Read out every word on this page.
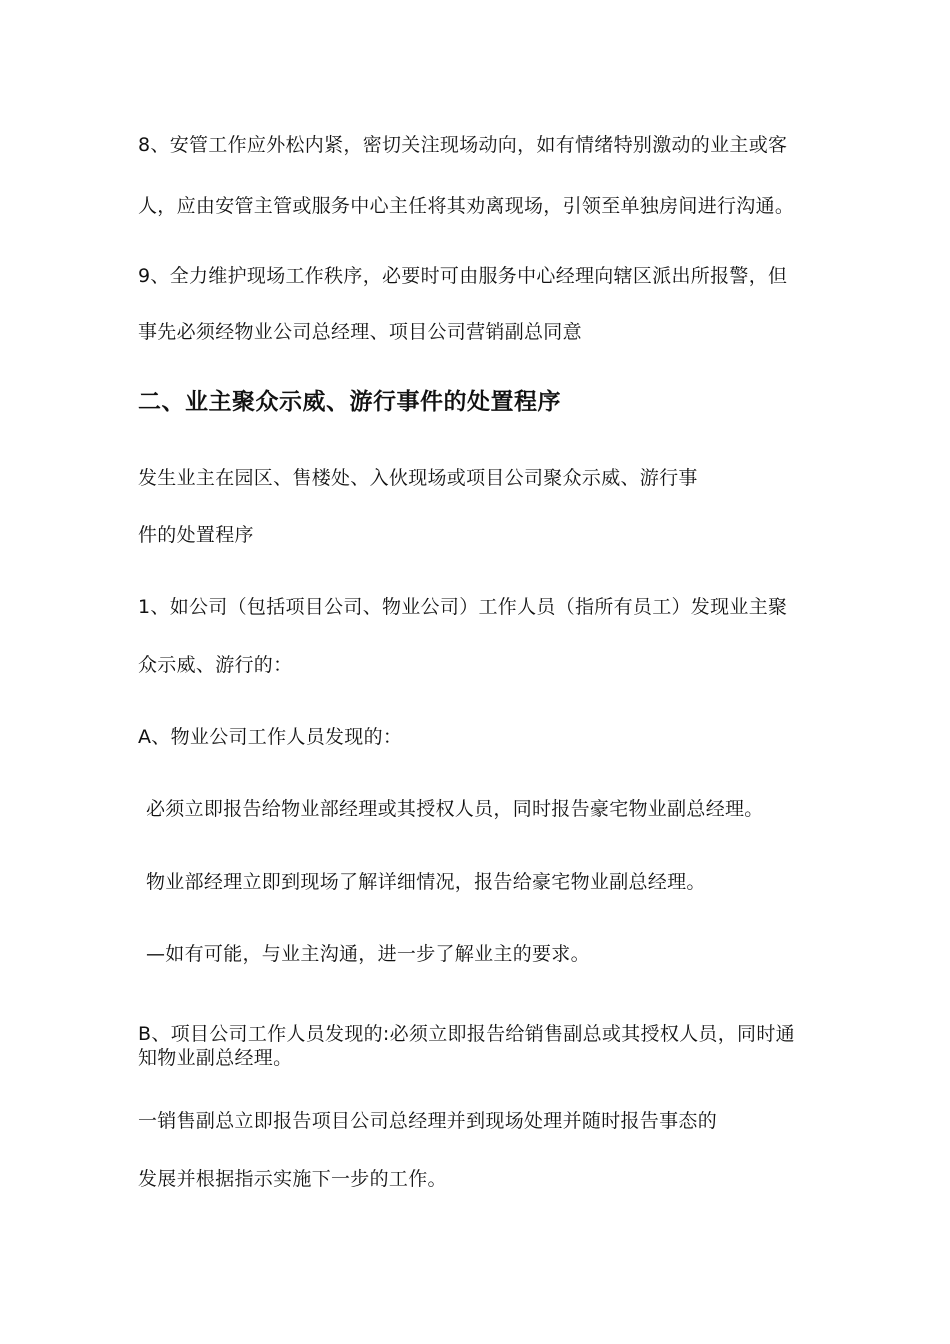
8、安管工作应外松内紧，密切关注现场动向，如有情绪特别激动的业主或客
人，应由安管主管或服务中心主任将其劝离现场，引领至单独房间进行沟通。
9、全力维护现场工作秩序，必要时可由服务中心经理向辖区派出所报警，但
事先必须经物业公司总经理、项目公司营销副总同意
二、业主聚众示威、游行事件的处置程序
发生业主在园区、售楼处、入伙现场或项目公司聚众示威、游行事
件的处置程序
1、如公司（包括项目公司、物业公司）工作人员（指所有员工）发现业主聚
众示威、游行的：
A、物业公司工作人员发现的：
必须立即报告给物业部经理或其授权人员，同时报告豪宅物业副总经理。
物业部经理立即到现场了解详细情况，报告给豪宅物业副总经理。
—如有可能，与业主沟通，进一步了解业主的要求。
B、项目公司工作人员发现的:必须立即报告给销售副总或其授权人员，同时通
知物业副总经理。
一销售副总立即报告项目公司总经理并到现场处理并随时报告事态的
发展并根据指示实施下一步的工作。
